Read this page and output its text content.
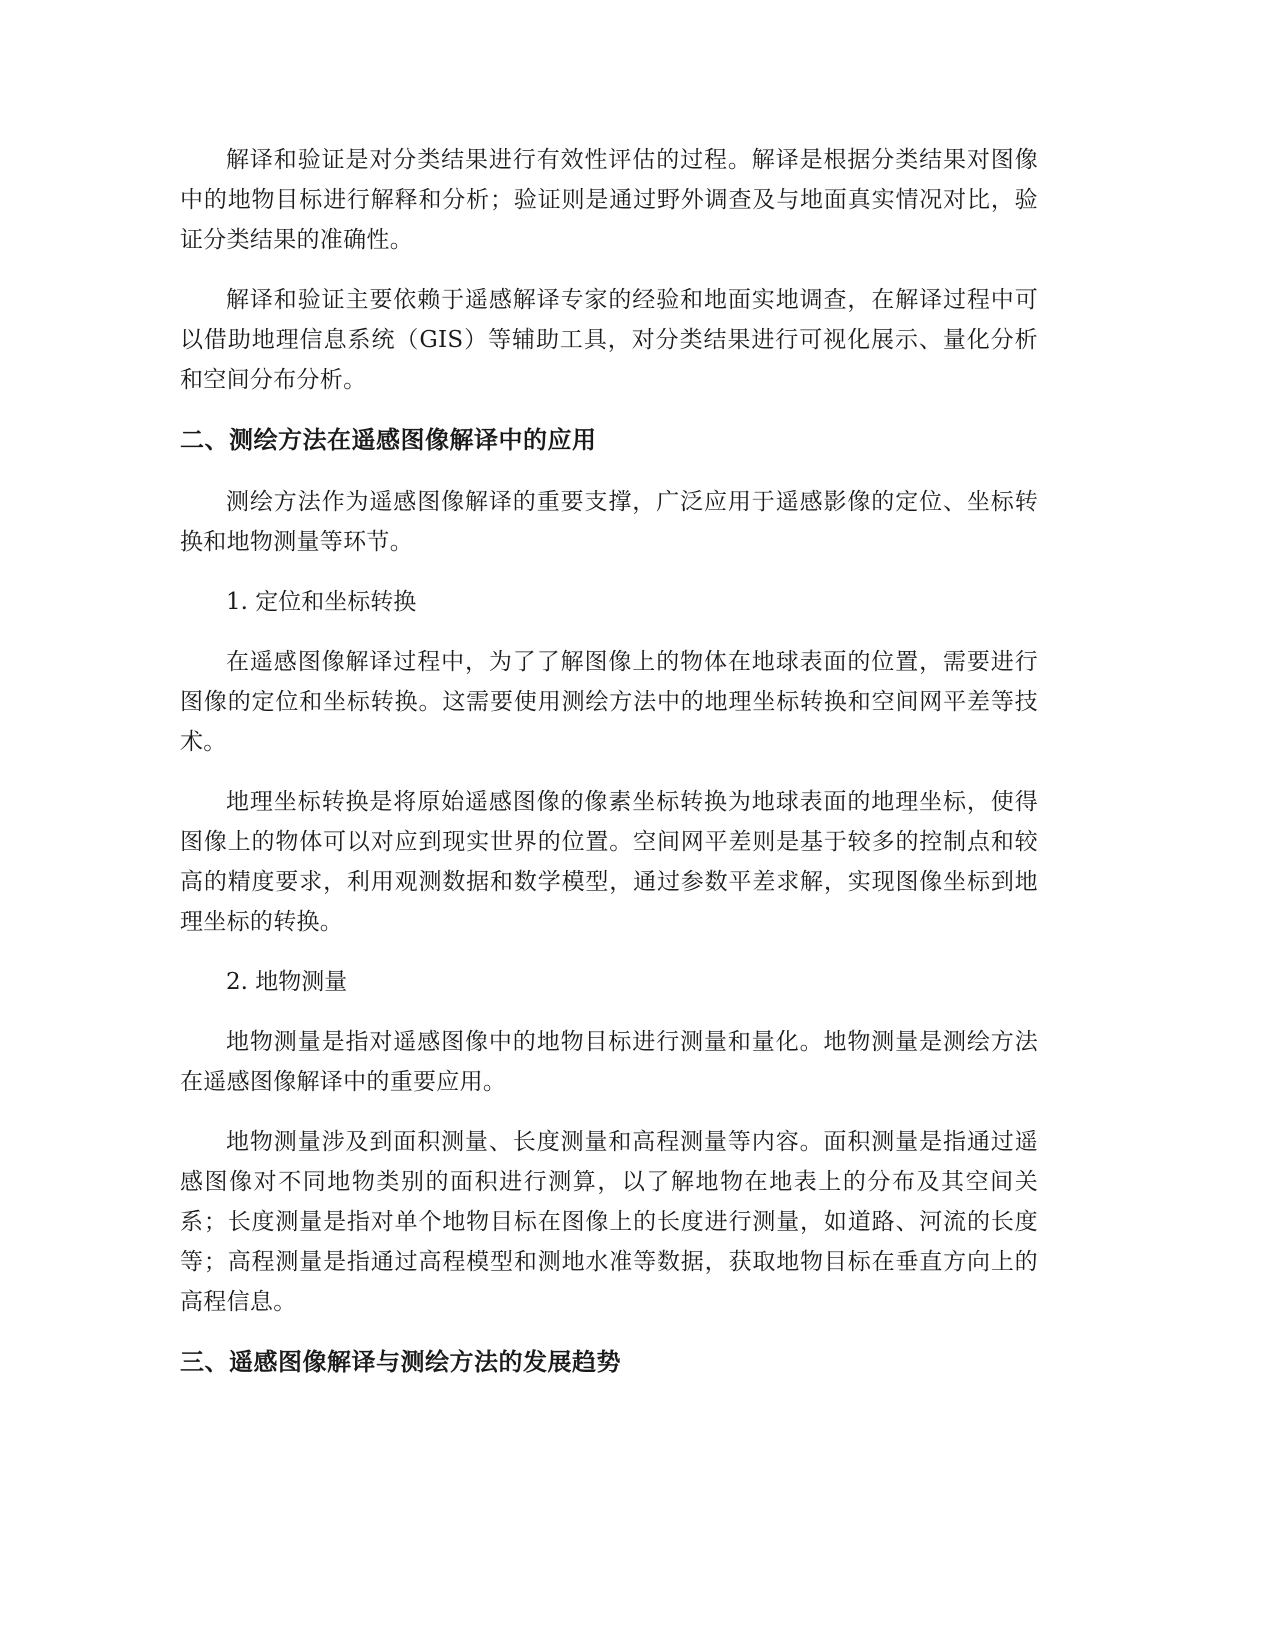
解译和验证是对分类结果进行有效性评估的过程。解译是根据分类结果对图像中的地物目标进行解释和分析；验证则是通过野外调查及与地面真实情况对比，验证分类结果的准确性。

解译和验证主要依赖于遥感解译专家的经验和地面实地调查，在解译过程中可以借助地理信息系统（GIS）等辅助工具，对分类结果进行可视化展示、量化分析和空间分布分析。

二、测绘方法在遥感图像解译中的应用

测绘方法作为遥感图像解译的重要支撑，广泛应用于遥感影像的定位、坐标转换和地物测量等环节。

1. 定位和坐标转换

在遥感图像解译过程中，为了了解图像上的物体在地球表面的位置，需要进行图像的定位和坐标转换。这需要使用测绘方法中的地理坐标转换和空间网平差等技术。

地理坐标转换是将原始遥感图像的像素坐标转换为地球表面的地理坐标，使得图像上的物体可以对应到现实世界的位置。空间网平差则是基于较多的控制点和较高的精度要求，利用观测数据和数学模型，通过参数平差求解，实现图像坐标到地理坐标的转换。

2. 地物测量

地物测量是指对遥感图像中的地物目标进行测量和量化。地物测量是测绘方法在遥感图像解译中的重要应用。

地物测量涉及到面积测量、长度测量和高程测量等内容。面积测量是指通过遥感图像对不同地物类别的面积进行测算，以了解地物在地表上的分布及其空间关系；长度测量是指对单个地物目标在图像上的长度进行测量，如道路、河流的长度等；高程测量是指通过高程模型和测地水准等数据，获取地物目标在垂直方向上的高程信息。

三、遥感图像解译与测绘方法的发展趋势
